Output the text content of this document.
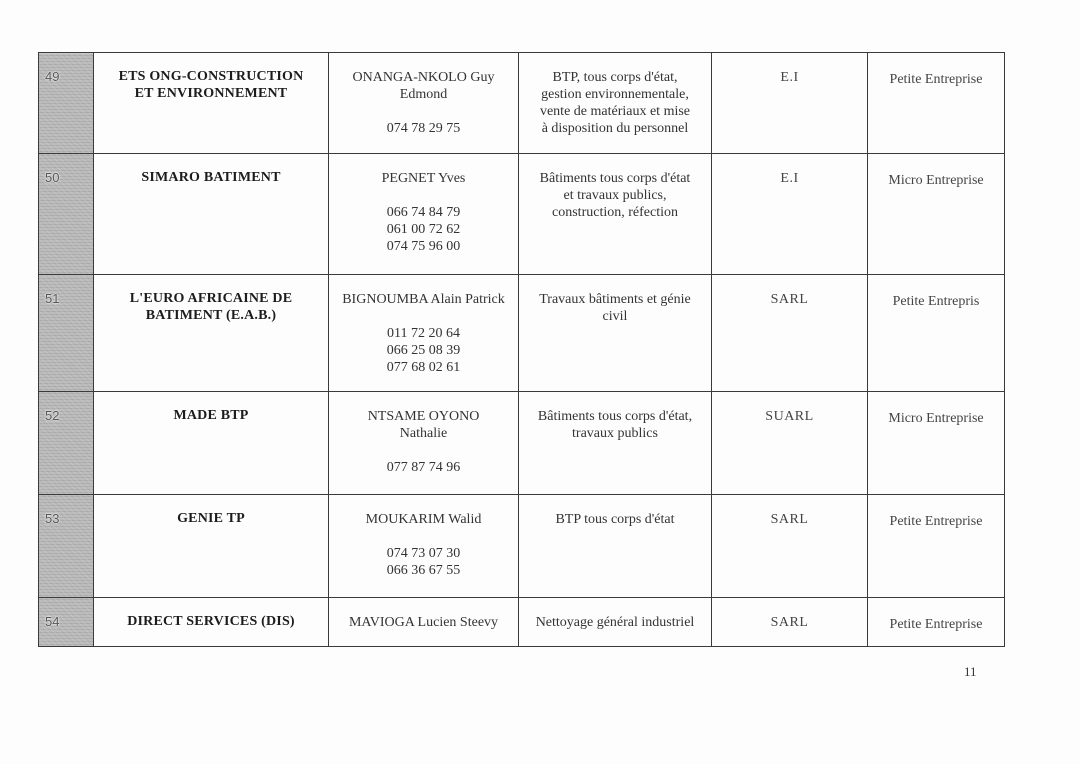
49	ETS ONG-CONSTRUCTION
ET ENVIRONNEMENT	ONANGA-NKOLO Guy
Edmond
074 78 29 75	BTP, tous corps d'état,
gestion environnementale,
vente de matériaux et mise
à disposition du personnel	E.I	Petite Entreprise

50	SIMARO BATIMENT	PEGNET Yves
066 74 84 79
061 00 72 62
074 75 96 00	Bâtiments tous corps d'état
et travaux publics,
construction, réfection	E.I	Micro Entreprise

51	L'EURO AFRICAINE DE
BATIMENT (E.A.B.)	BIGNOUMBA Alain Patrick
011 72 20 64
066 25 08 39
077 68 02 61	Travaux bâtiments et génie
civil	SARL	Petite Entrepris

52	MADE BTP	NTSAME OYONO
Nathalie
077 87 74 96	Bâtiments tous corps d'état,
travaux publics	SUARL	Micro Entreprise

53	GENIE TP	MOUKARIM Walid
074 73 07 30
066 36 67 55	BTP tous corps d'état	SARL	Petite Entreprise

54	DIRECT SERVICES (DIS)	MAVIOGA Lucien Steevy	Nettoyage général industriel	SARL	Petite Entreprise
11
